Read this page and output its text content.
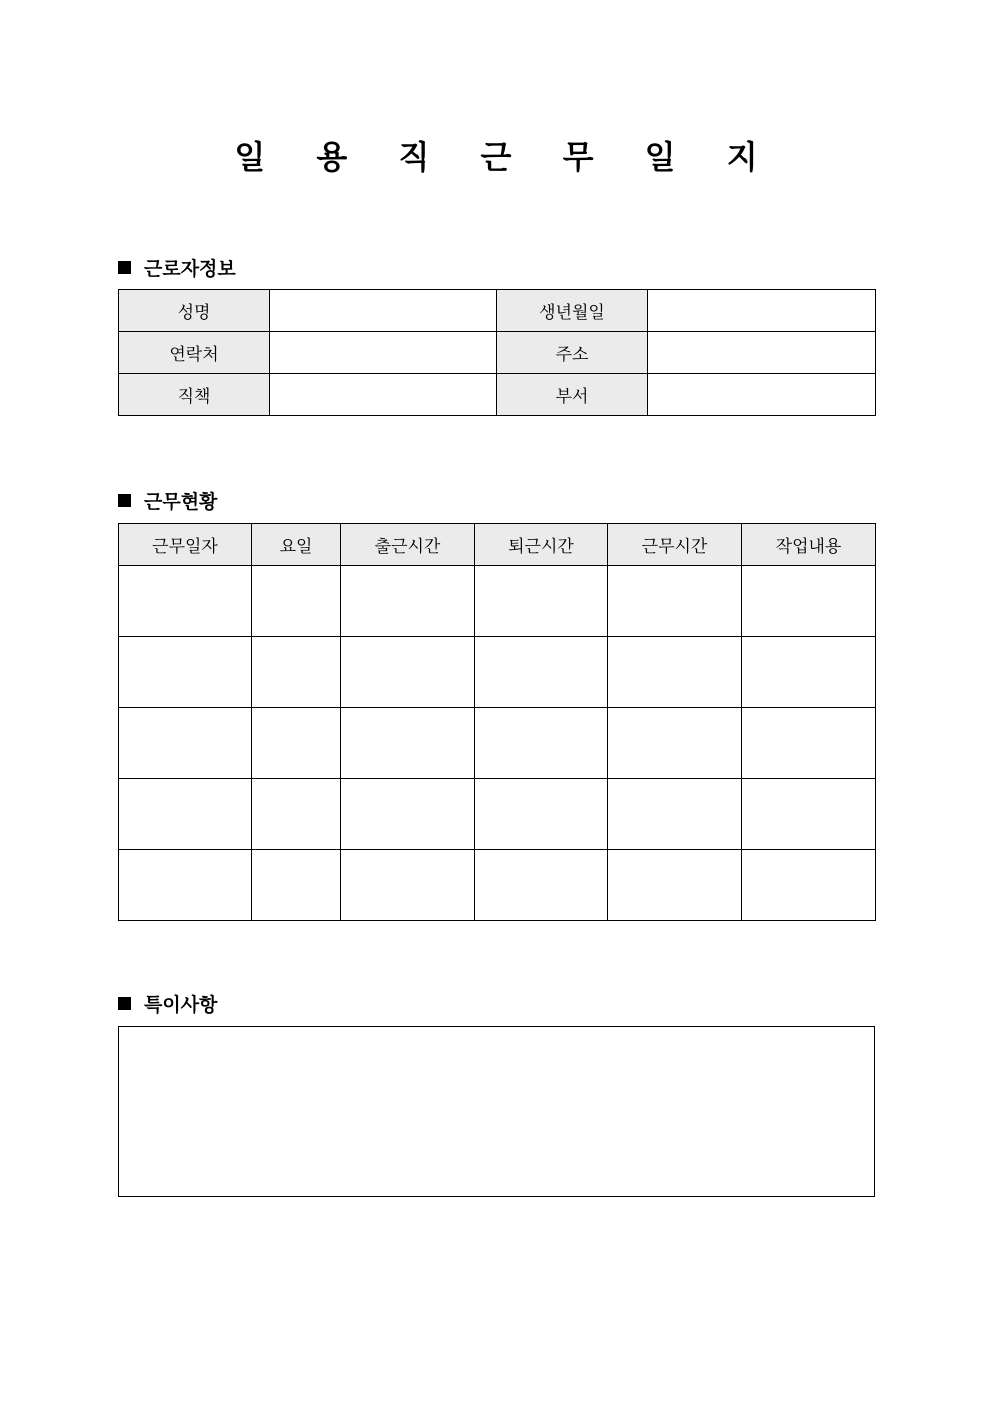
일 용 직 근 무 일 지
근로자정보
성명		생년월일	
연락처		주소	
직책		부서	
근무현황
근무일자	요일	출근시간	퇴근시간	근무시간	작업내용

특이사항
